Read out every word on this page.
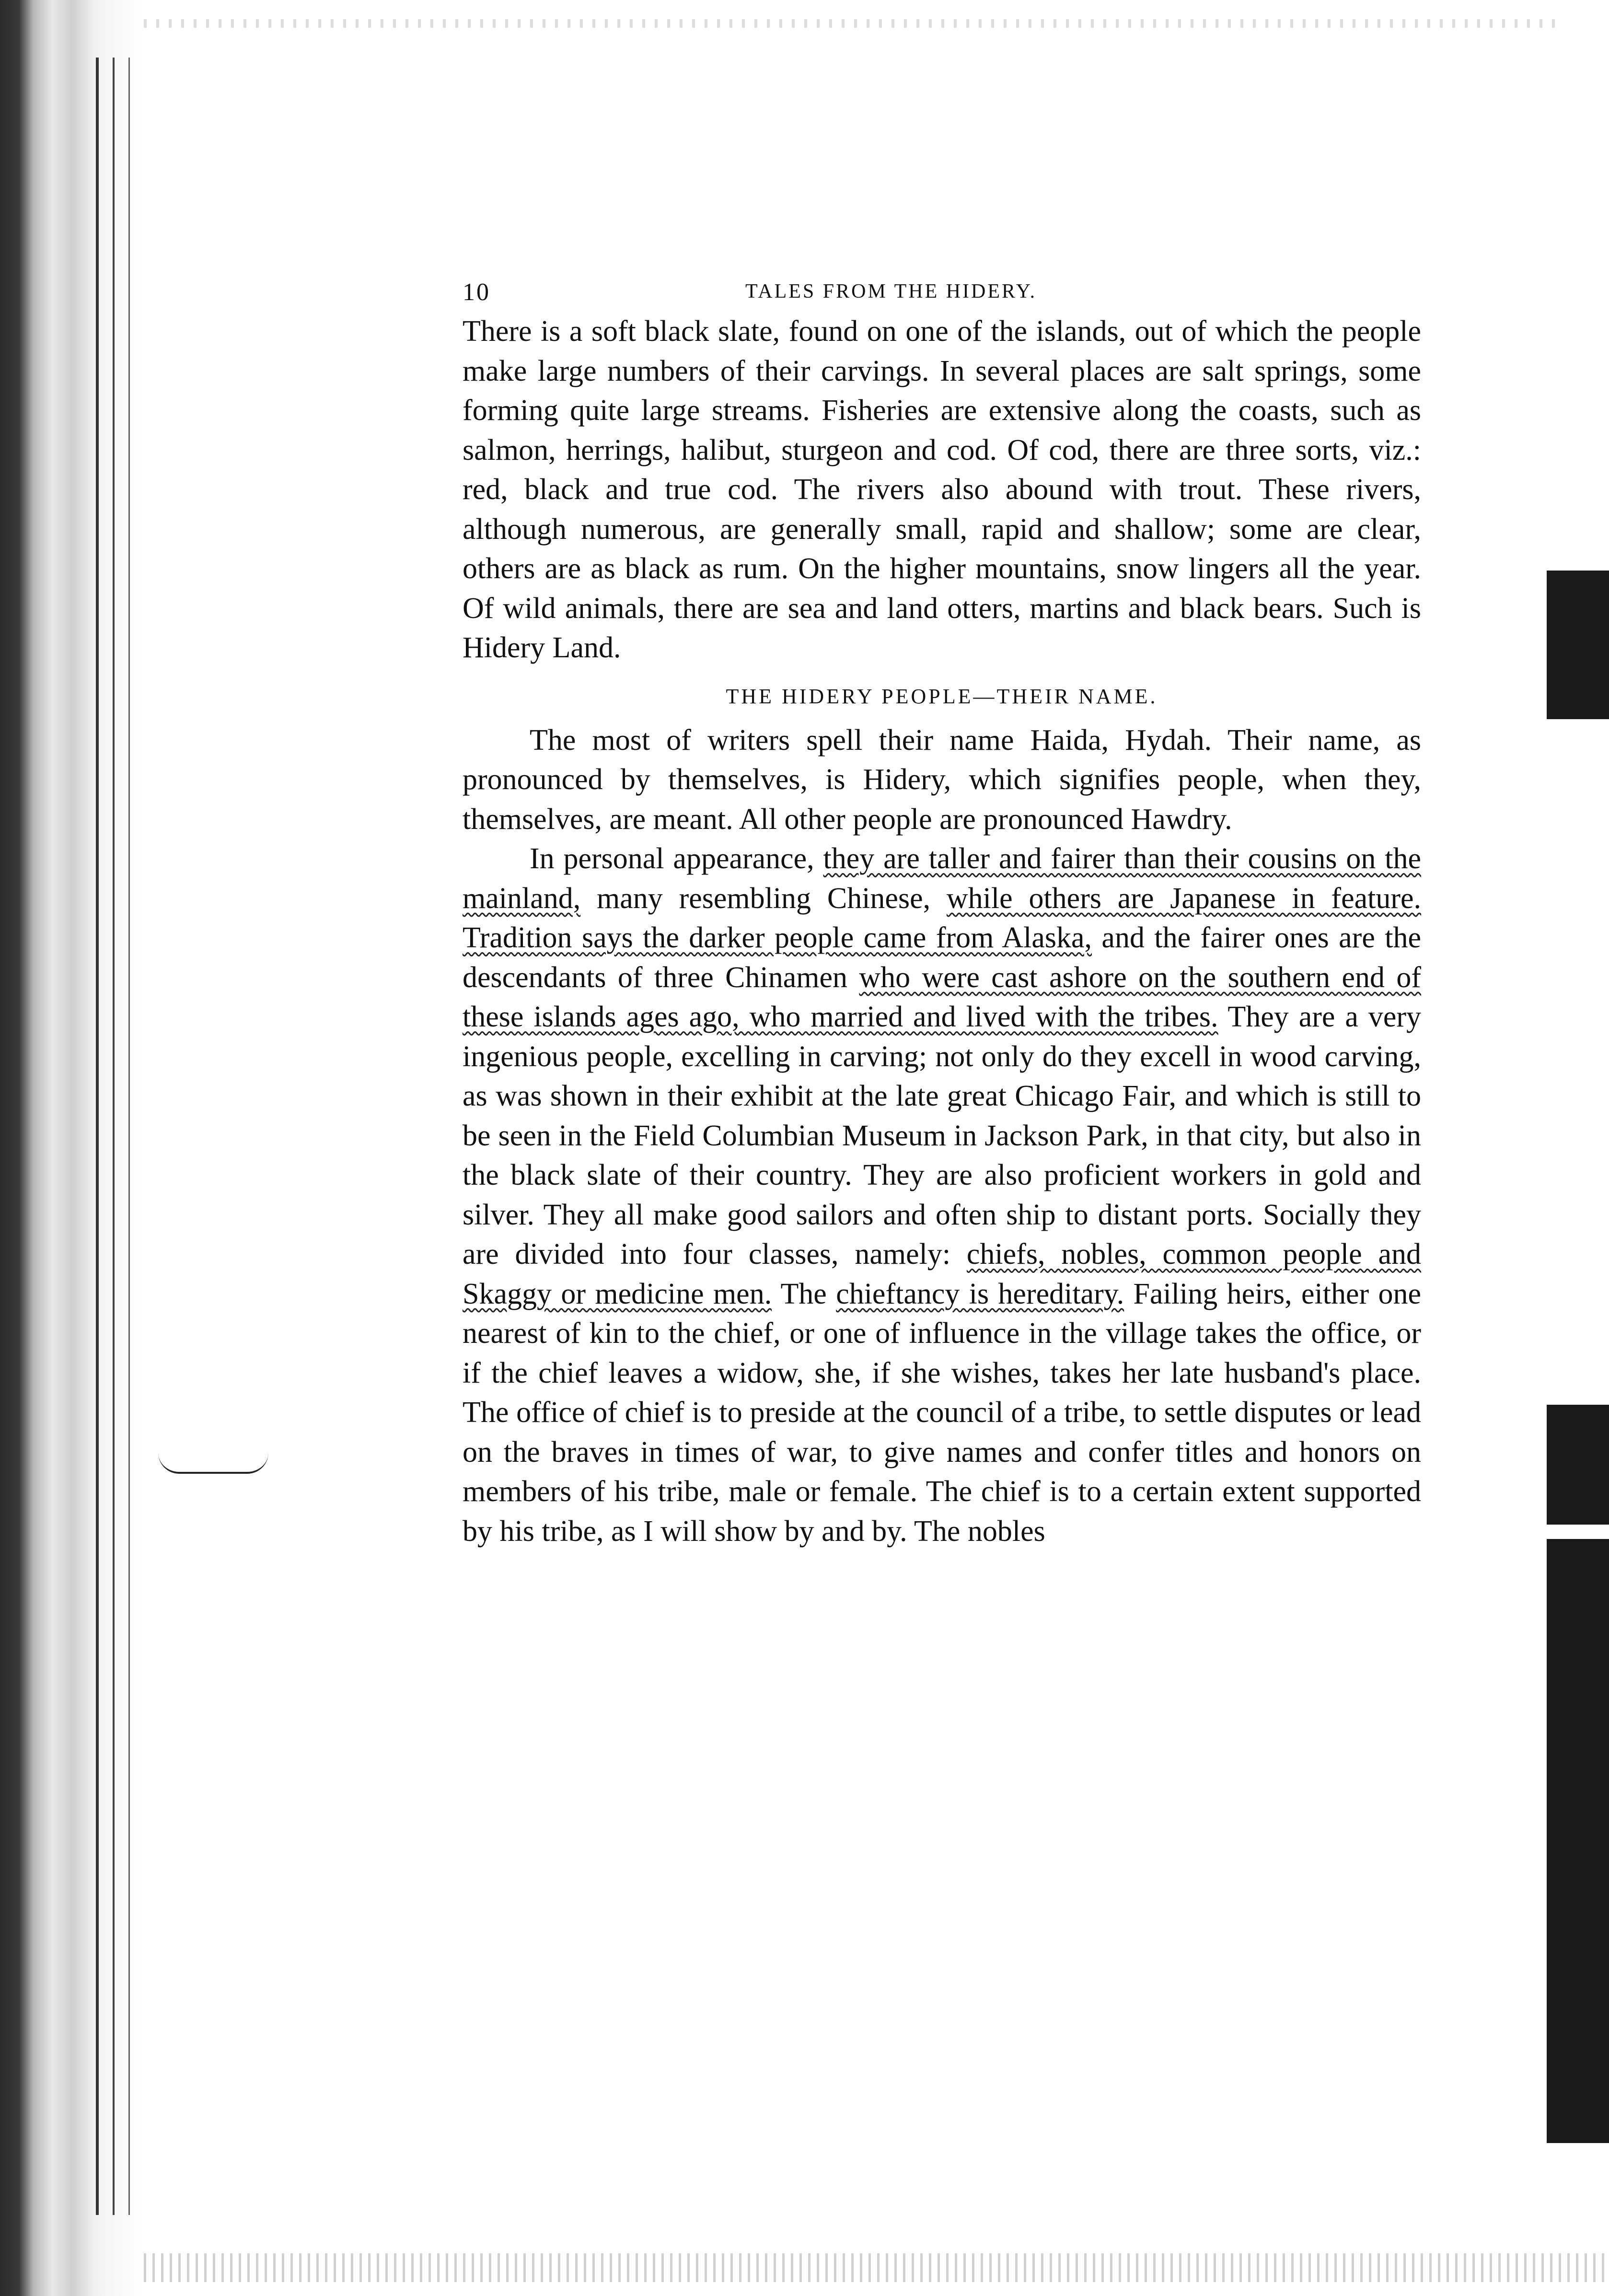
10	TALES FROM THE HIDERY.

There is a soft black slate, found on one of the islands, out of which the people make large numbers of their carvings. In several places are salt springs, some forming quite large streams. Fisheries are extensive along the coasts, such as salmon, herrings, halibut, sturgeon and cod. Of cod, there are three sorts, viz.: red, black and true cod. The rivers also abound with trout. These rivers, although numerous, are generally small, rapid and shallow; some are clear, others are as black as rum. On the higher mountains, snow lingers all the year. Of wild animals, there are sea and land otters, martins and black bears. Such is Hidery Land.

THE HIDERY PEOPLE—THEIR NAME.

The most of writers spell their name Haida, Hydah. Their name, as pronounced by themselves, is Hidery, which signifies people, when they, themselves, are meant. All other people are pronounced Hawdry.

In personal appearance, they are taller and fairer than their cousins on the mainland, many resembling Chinese, while others are Japanese in feature. Tradition says the darker people came from Alaska, and the fairer ones are the descendants of three Chinamen who were cast ashore on the southern end of these islands ages ago, who married and lived with the tribes. They are a very ingenious people, excelling in carving; not only do they excell in wood carving, as was shown in their exhibit at the late great Chicago Fair, and which is still to be seen in the Field Columbian Museum in Jackson Park, in that city, but also in the black slate of their country. They are also proficient workers in gold and silver. They all make good sailors and often ship to distant ports. Socially they are divided into four classes, namely: chiefs, nobles, common people and Skaggy or medicine men. The chieftancy is hereditary. Failing heirs, either one nearest of kin to the chief, or one of influence in the village takes the office, or if the chief leaves a widow, she, if she wishes, takes her late husband's place. The office of chief is to preside at the council of a tribe, to settle disputes or lead on the braves in times of war, to give names and confer titles and honors on members of his tribe, male or female. The chief is to a certain extent supported by his tribe, as I will show by and by. The nobles
